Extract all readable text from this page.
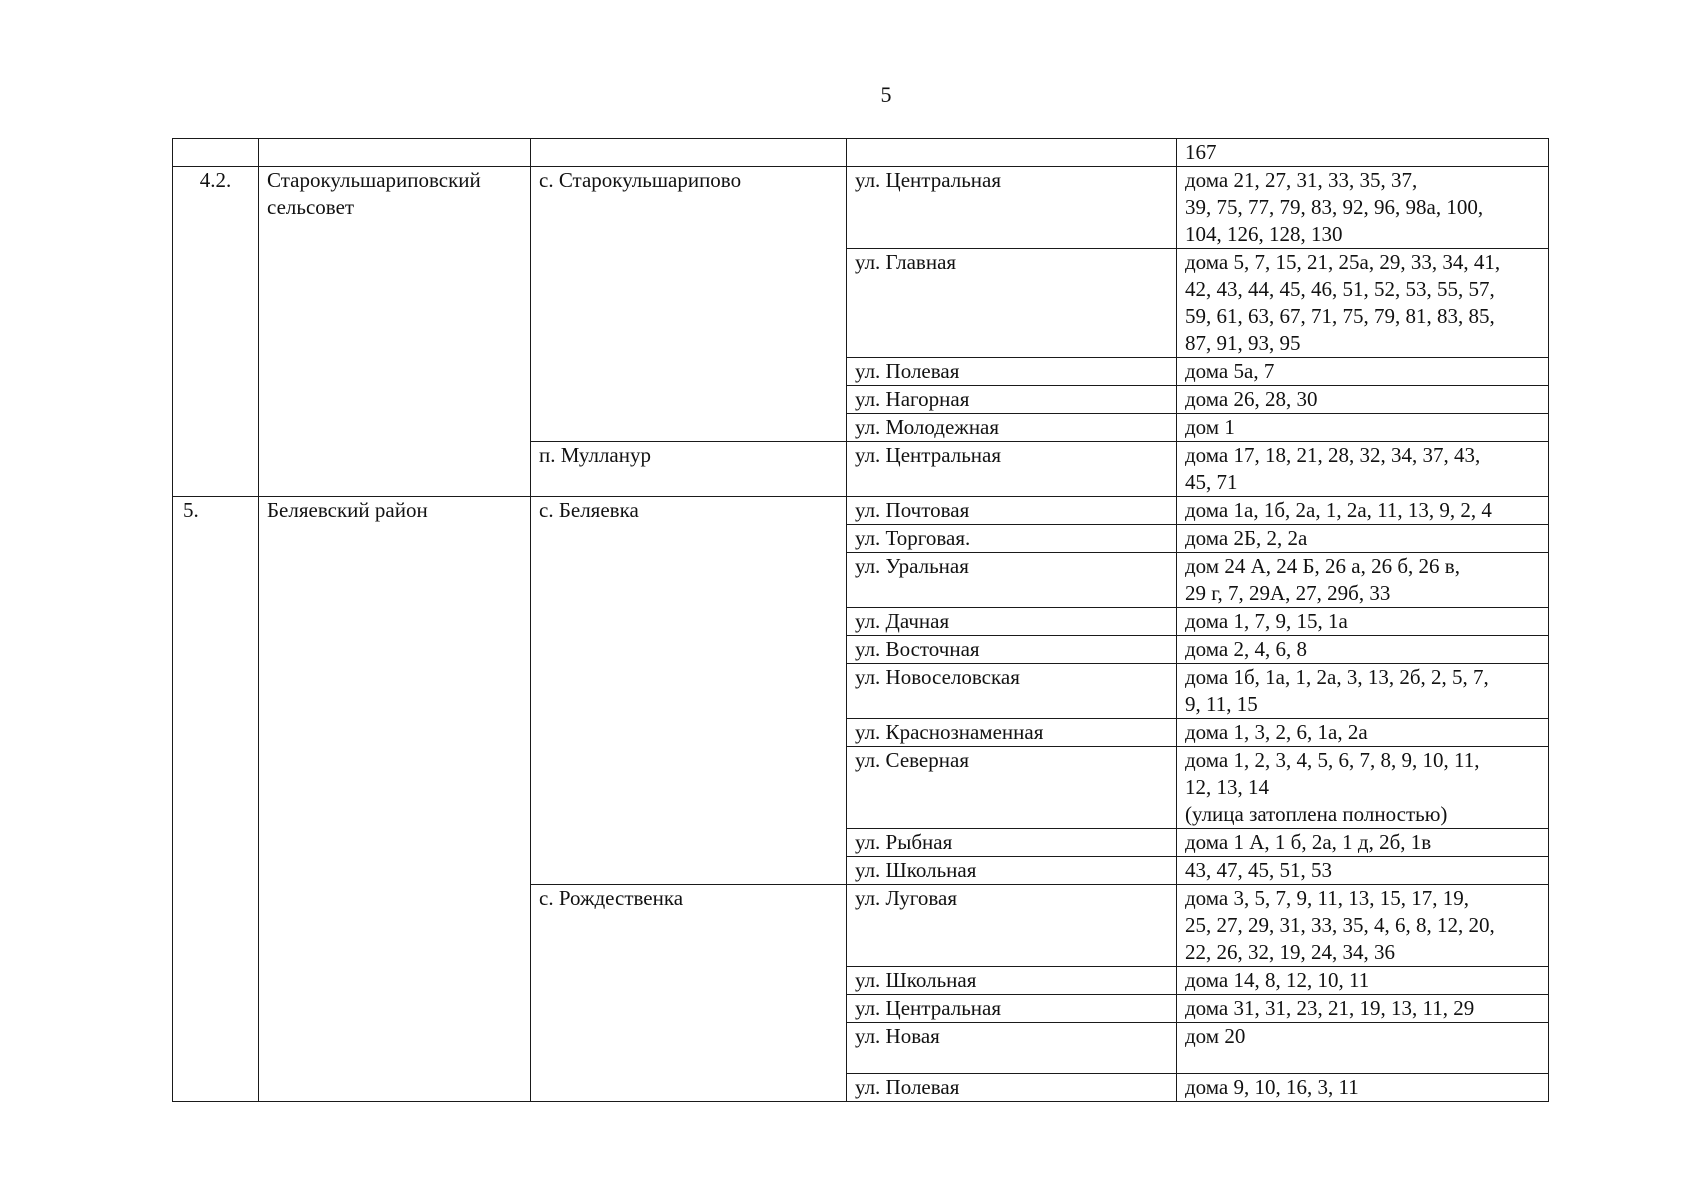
5
				167
4.2.	Старокульшариповский сельсовет	с. Старокульшарипово	ул. Центральная	дома 21, 27, 31, 33, 35, 37,
39, 75, 77, 79, 83, 92, 96, 98а, 100,
104, 126, 128, 130
			ул. Главная	дома 5, 7, 15, 21, 25а, 29, 33, 34, 41,
42, 43, 44, 45, 46, 51, 52, 53, 55, 57,
59, 61, 63, 67, 71, 75, 79, 81, 83, 85,
87, 91, 93, 95
			ул. Полевая	дома 5а, 7
			ул. Нагорная	дома 26, 28, 30
			ул. Молодежная	дом 1
		п. Мулланур	ул. Центральная	дома 17, 18, 21, 28, 32, 34, 37, 43,
45, 71
5.	Беляевский район	с. Беляевка	ул. Почтовая	дома 1а, 1б, 2а, 1, 2а, 11, 13, 9, 2, 4
			ул. Торговая.	дома 2Б, 2, 2а
			ул. Уральная	дом 24 А, 24 Б, 26 а, 26 б, 26 в,
29 г, 7, 29А, 27, 29б, 33
			ул. Дачная	дома 1, 7, 9, 15, 1а
			ул. Восточная	дома 2, 4, 6, 8
			ул. Новоселовская	дома 1б, 1а, 1, 2а, 3, 13, 2б, 2, 5, 7,
9, 11, 15
			ул. Краснознаменная	дома 1, 3, 2, 6, 1а, 2а
			ул. Северная	дома 1, 2, 3, 4, 5, 6, 7, 8, 9, 10, 11,
12, 13, 14
(улица затоплена полностью)
			ул. Рыбная	дома 1 А, 1 б, 2а, 1 д, 2б, 1в
			ул. Школьная	43, 47, 45, 51, 53
		с. Рождественка	ул. Луговая	дома 3, 5, 7, 9, 11, 13, 15, 17, 19,
25, 27, 29, 31, 33, 35, 4, 6, 8, 12, 20,
22, 26, 32, 19, 24, 34, 36
			ул. Школьная	дома 14, 8, 12, 10, 11
			ул. Центральная	дома 31, 31, 23, 21, 19, 13, 11, 29
			ул. Новая	дом 20
			ул. Полевая	дома 9, 10, 16, 3, 11
